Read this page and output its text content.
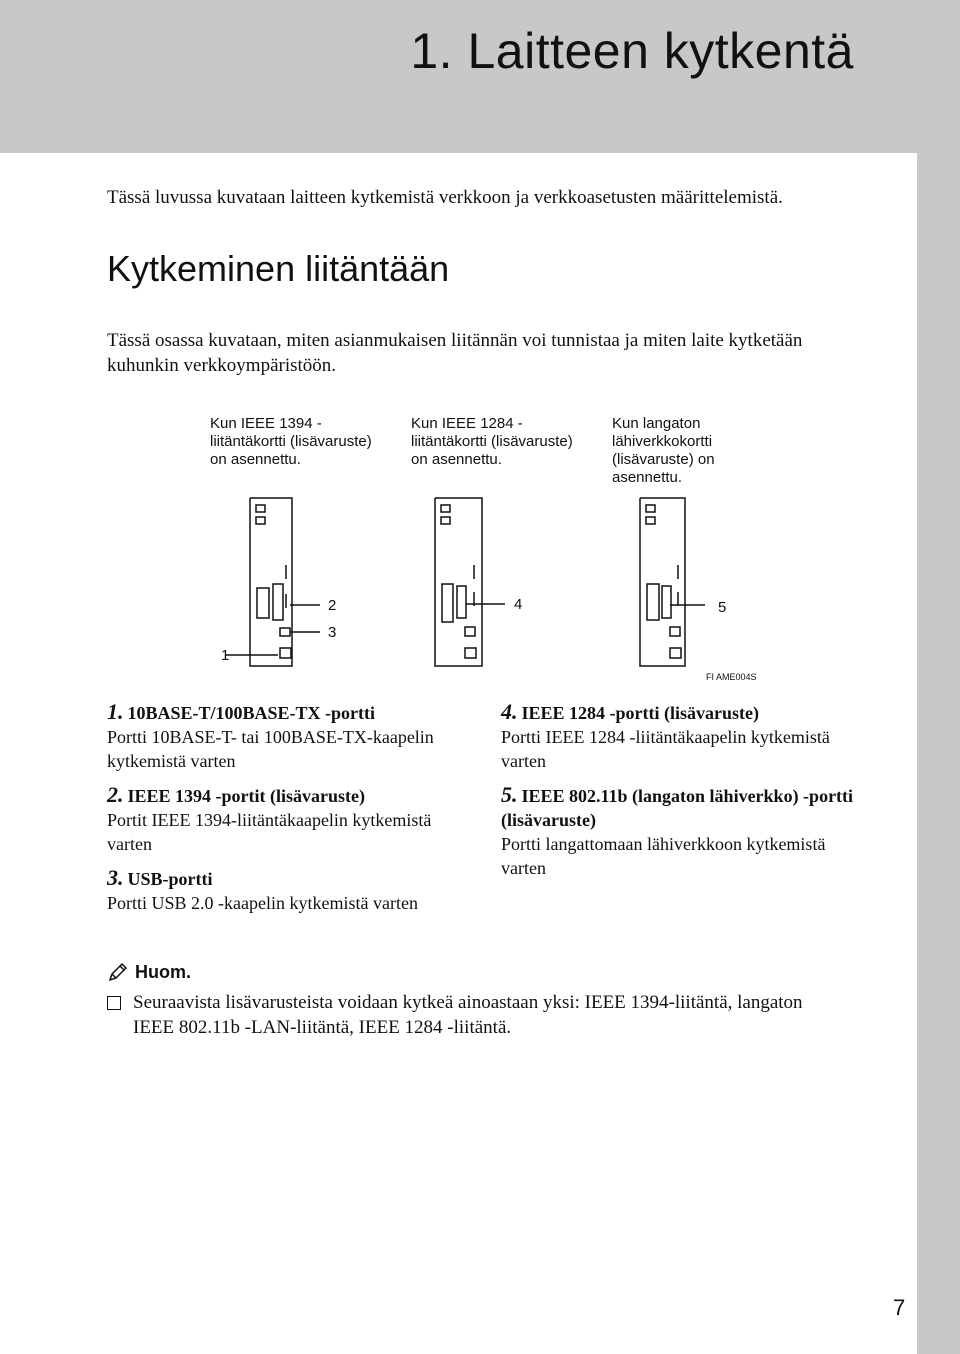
1. Laitteen kytkentä

Tässä luvussa kuvataan laitteen kytkemistä verkkoon ja verkkoasetusten määrittelemistä.

Kytkeminen liitäntään

Tässä osassa kuvataan, miten asianmukaisen liitännän voi tunnistaa ja miten laite kytketään kuhunkin verkkoympäristöön.

Kun IEEE 1394 - liitäntäkortti (lisävaruste) on asennettu.
Kun IEEE 1284 - liitäntäkortti (lisävaruste) on asennettu.
Kun langaton lähiverkkokortti (lisävaruste) on asennettu.
1
2
3
4	5
FI AME004S
1. 10BASE-T/100BASE-TX -portti
Portti 10BASE-T- tai 100BASE-TX-kaapelin kytkemistä varten
2. IEEE 1394 -portit (lisävaruste)
Portit IEEE 1394-liitäntäkaapelin kytkemistä varten
3. USB-portti
Portti USB 2.0 -kaapelin kytkemistä varten
4. IEEE 1284 -portti (lisävaruste)
Portti IEEE 1284 -liitäntäkaapelin kytkemistä varten
5. IEEE 802.11b (langaton lähiverkko) -portti (lisävaruste)
Portti langattomaan lähiverkkoon kytkemistä varten
Huom.
Seuraavista lisävarusteista voidaan kytkeä ainoastaan yksi: IEEE 1394-liitäntä, langaton IEEE 802.11b -LAN-liitäntä, IEEE 1284 -liitäntä.
7
